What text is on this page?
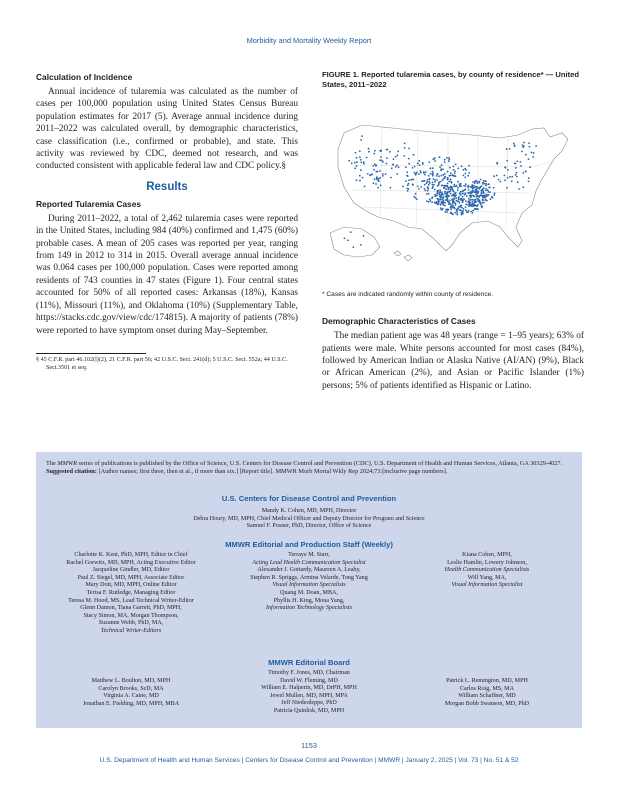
Morbidity and Mortality Weekly Report
Calculation of Incidence

Annual incidence of tularemia was calculated as the number of cases per 100,000 population using United States Census Bureau population estimates for 2017 (5). Average annual incidence during 2011–2022 was calculated overall, by demographic characteristics, case classification (i.e., confirmed or probable), and state. This activity was reviewed by CDC, deemed not research, and was conducted consistent with applicable federal law and CDC policy.§

Results
Reported Tularemia Cases

During 2011–2022, a total of 2,462 tularemia cases were reported in the United States, including 984 (40%) confirmed and 1,475 (60%) probable cases. A mean of 205 cases was reported per year, ranging from 149 in 2012 to 314 in 2015. Overall average annual incidence was 0.064 cases per 100,000 population. Cases were reported among residents of 743 counties in 47 states (Figure 1). Four central states accounted for 50% of all reported cases: Arkansas (18%), Kansas (11%), Missouri (11%), and Oklahoma (10%) (Supplementary Table, https://stacks.cdc.gov/view/cdc/174815). A majority of patients (78%) were reported to have symptom onset during May–September.

§ 45 C.F.R. part 46.102(l)(2), 21 C.F.R. part 56; 42 U.S.C. Sect. 241(d); 5 U.S.C. Sect. 552a; 44 U.S.C. Sect.3501 et seq.
FIGURE 1. Reported tularemia cases, by county of residence* — United States, 2011–2022
* Cases are indicated randomly within county of residence.
Demographic Characteristics of Cases

The median patient age was 48 years (range = 1–95 years); 63% of patients were male. White persons accounted for most cases (84%), followed by American Indian or Alaska Native (AI/AN) (9%), Black or African American (2%), and Asian or Pacific Islander (1%) persons; 5% of patients identified as Hispanic or Latino.

The MMWR series of publications is published by the Office of Science, U.S. Centers for Disease Control and Prevention (CDC), U.S. Department of Health and Human Services, Atlanta, GA 30329-4027.
Suggested citation: [Author names; first three, then et al., if more than six.] [Report title]. MMWR Morb Mortal Wkly Rep 2024;73:[inclusive page numbers].
U.S. Centers for Disease Control and Prevention
Mandy K. Cohen, MD, MPH, Director
Debra Houry, MD, MPH, Chief Medical Officer and Deputy Director for Program and Science
Samuel F. Posner, PhD, Director, Office of Science
MMWR Editorial and Production Staff (Weekly)
Charlotte K. Kent, PhD, MPH, Editor in Chief
Rachel Gorwitz, MD, MPH, Acting Executive Editor
Jacqueline Gindler, MD, Editor
Paul Z. Siegel, MD, MPH, Associate Editor
Mary Dott, MD, MPH, Online Editor
Terisa F. Rutledge, Managing Editor
Teresa M. Hood, MS, Lead Technical Writer-Editor
Glenn Damon, Tiana Garrett, PhD, MPH,
Stacy Simon, MA, Morgan Thompson,
Suzanne Webb, PhD, MA,
Technical Writer-Editors
Terraye M. Starr,
Acting Lead Health Communication Specialist
Alexander J. Gottardy, Maureen A. Leahy,
Stephen R. Spriggs, Armina Velarde, Tong Yang
Visual Information Specialists
Quang M. Doan, MBA,
Phyllis H. King, Moua Yang,
Information Technology Specialists
Kiana Cohen, MPH,
Leslie Hamlin, Lowery Johnson,
Health Communication Specialists
Will Yang, MA,
Visual Information Specialist
MMWR Editorial Board
Timothy F. Jones, MD, Chairman
David W. Fleming, MD
William E. Halperin, MD, DrPH, MPH
Jewel Mullen, MD, MPH, MPA
Jeff Niederdeppe, PhD
Patricia Quinlisk, MD, MPH
Matthew L. Boulton, MD, MPH
Carolyn Brooks, ScD, MA
Virginia A. Caine, MD
Jonathan E. Fielding, MD, MPH, MBA
Patrick L. Remington, MD, MPH
Carlos Roig, MS, MA
William Schaffner, MD
Morgan Bobb Swanson, MD, PhD
1153
U.S. Department of Health and Human Services | Centers for Disease Control and Prevention | MMWR | January 2, 2025 | Vol. 73 | No. 51 & 52
